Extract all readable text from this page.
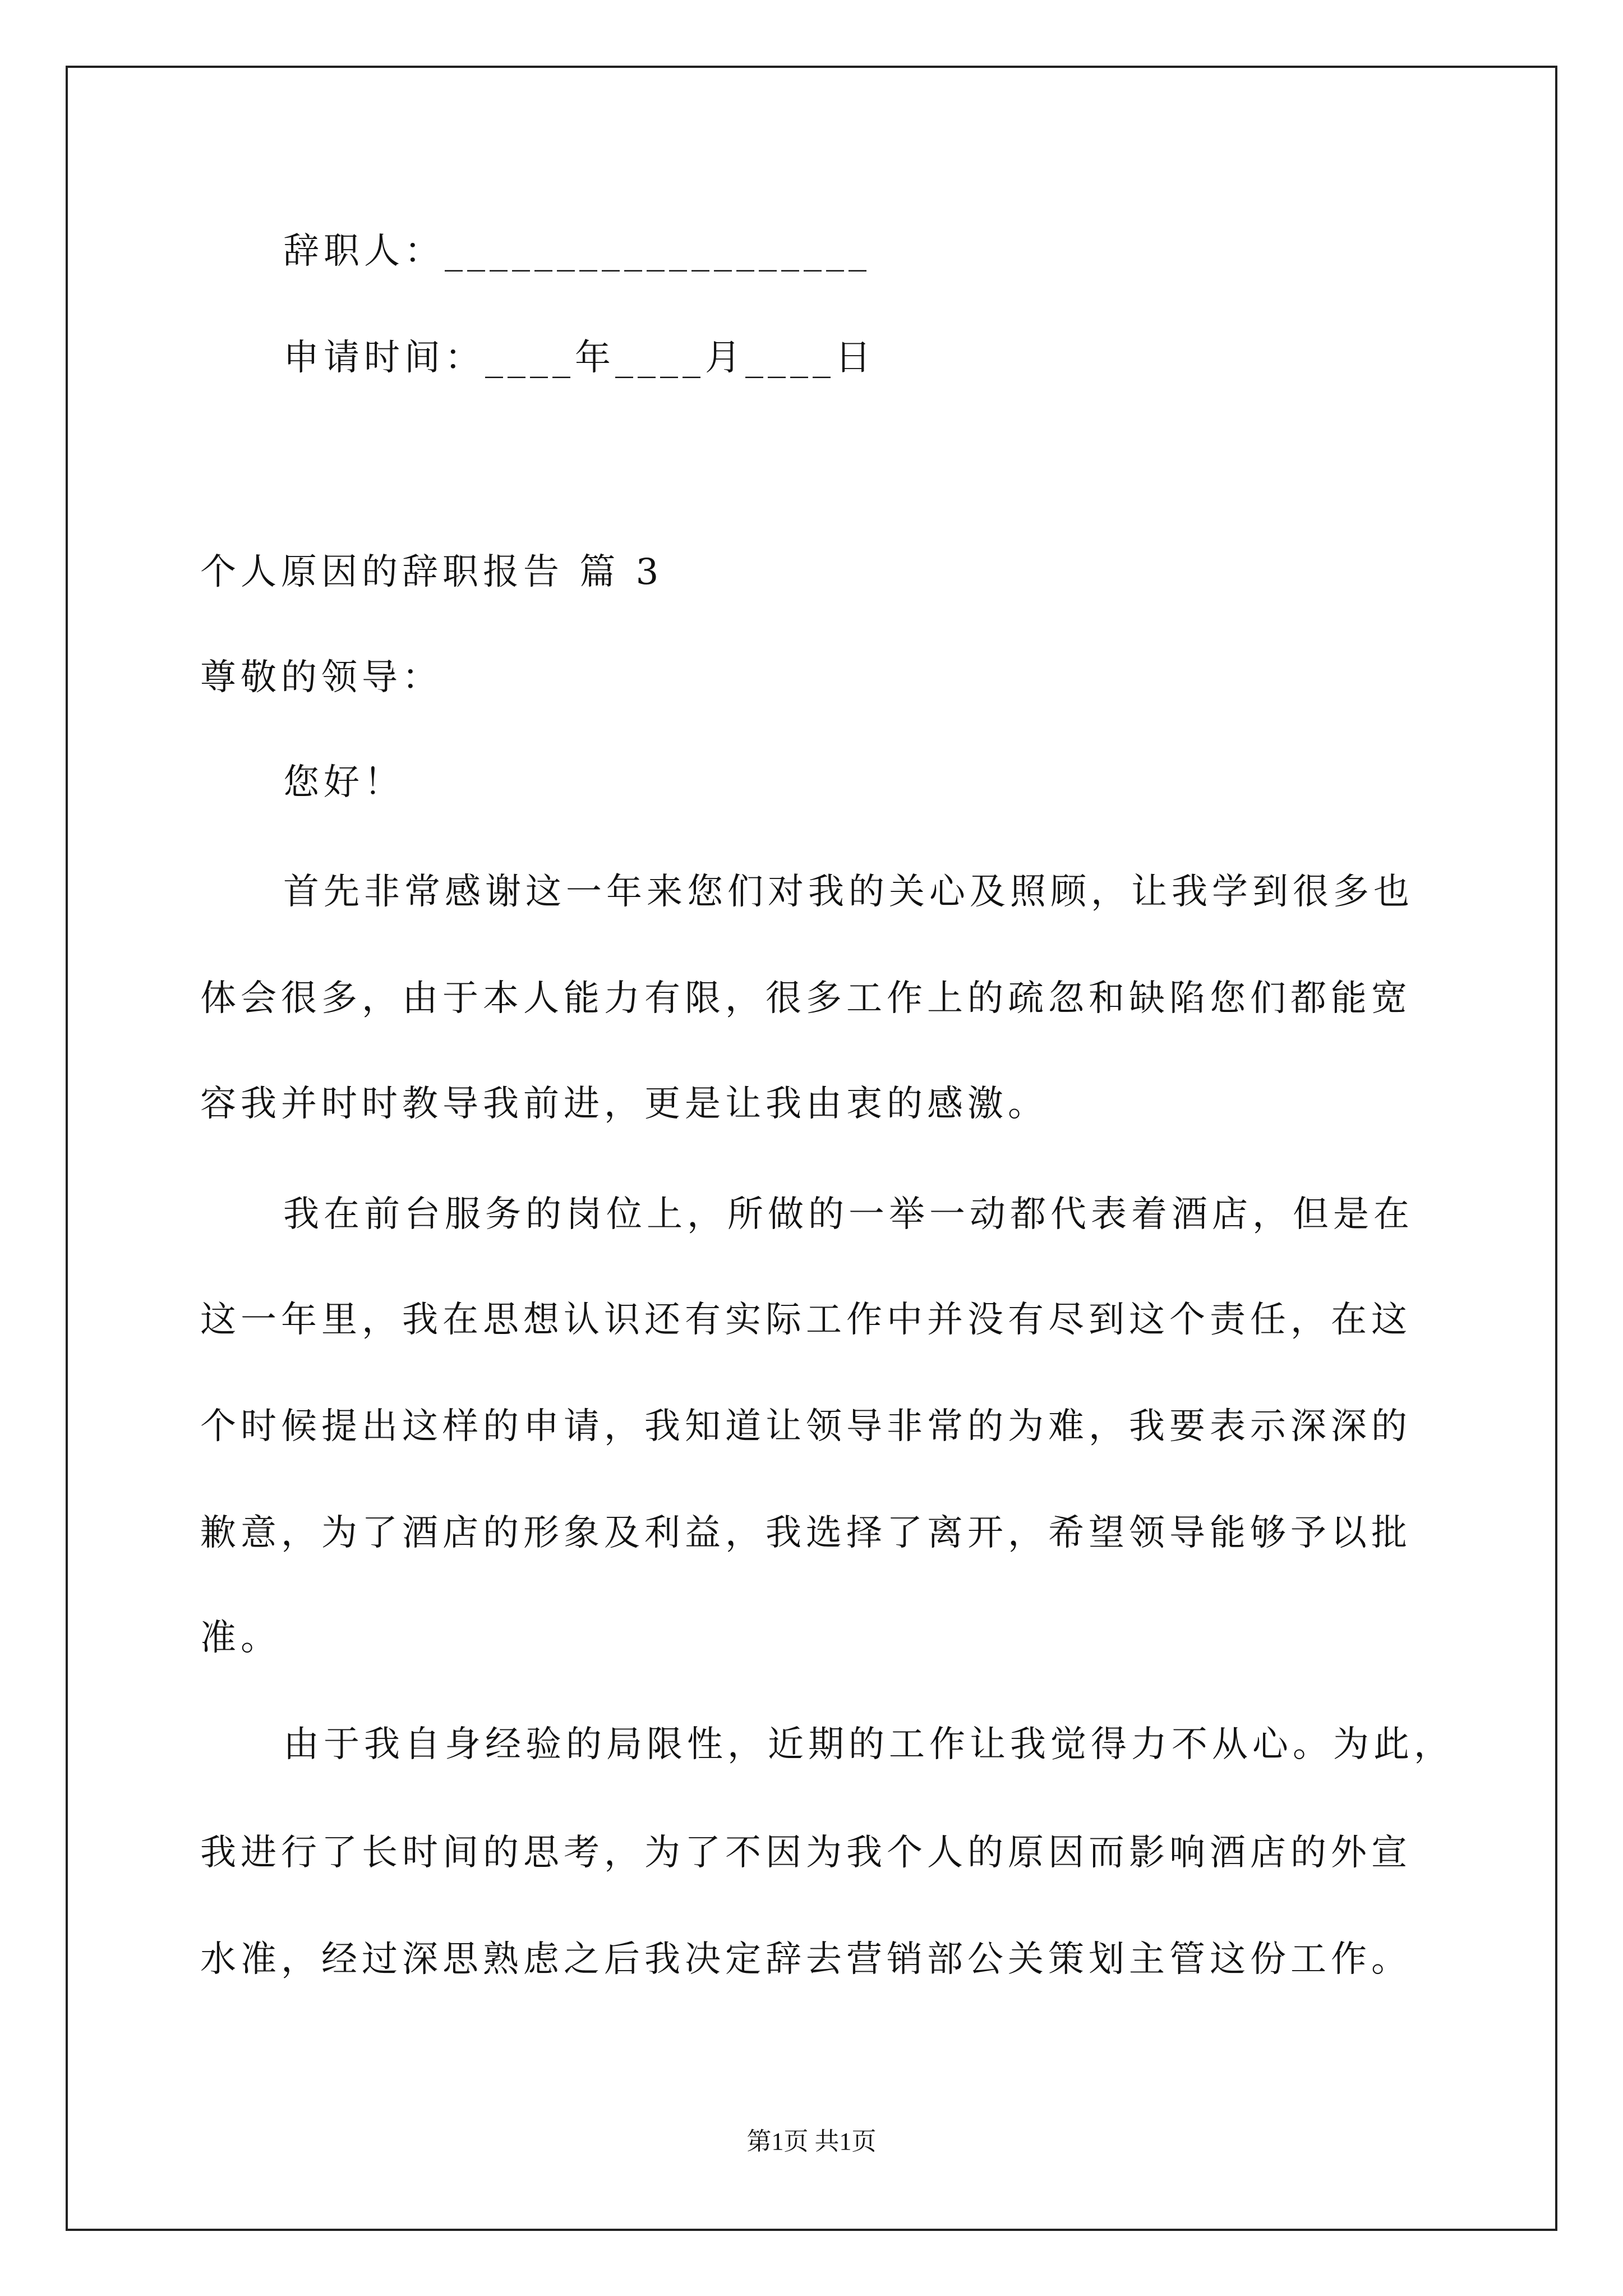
辞职人：___________________
申请时间：____年____月____日
个人原因的辞职报告 篇 3
尊敬的领导：
您好！
首先非常感谢这一年来您们对我的关心及照顾，让我学到很多也
体会很多，由于本人能力有限，很多工作上的疏忽和缺陷您们都能宽
容我并时时教导我前进，更是让我由衷的感激。
我在前台服务的岗位上，所做的一举一动都代表着酒店，但是在
这一年里，我在思想认识还有实际工作中并没有尽到这个责任，在这
个时候提出这样的申请，我知道让领导非常的为难，我要表示深深的
歉意，为了酒店的形象及利益，我选择了离开，希望领导能够予以批
准。
由于我自身经验的局限性，近期的工作让我觉得力不从心。为此，
我进行了长时间的思考，为了不因为我个人的原因而影响酒店的外宣
水准，经过深思熟虑之后我决定辞去营销部公关策划主管这份工作。
第1页 共1页
